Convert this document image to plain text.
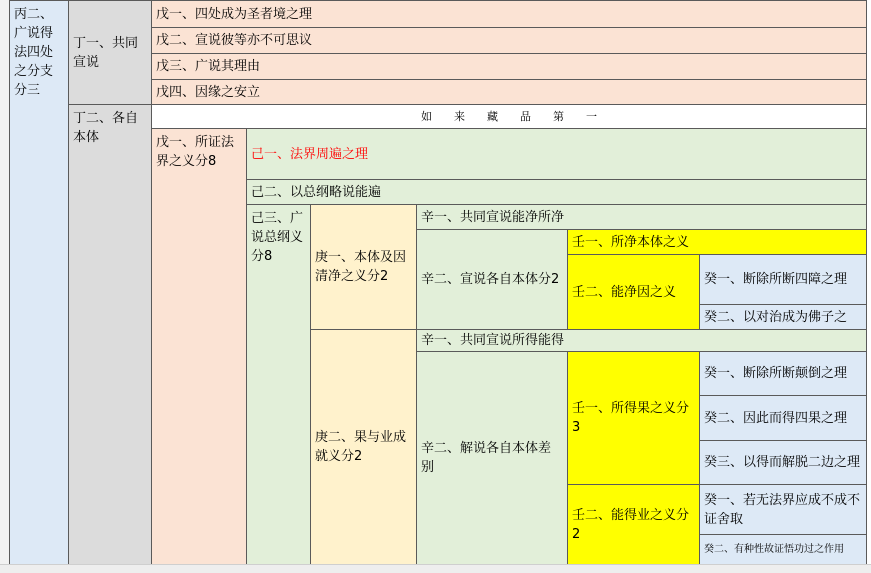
丙二、广说得法四处之分支分三
丁一、共同宣说
丁二、各自本体
戊一、四处成为圣者境之理
戊二、宣说彼等亦不可思议
戊三、广说其理由
戊四、因缘之安立
如　　来　　藏　　品　　第　　一
戊一、所证法界之义分8	己一、法界周遍之理
己二、以总纲略说能遍
己三、广说总纲义分8	庚一、本体及因清净之义分2
庚二、果与业成就义分2
辛一、共同宣说能净所净
辛二、宣说各自本体分2
壬一、所净本体之义
壬二、能净因之义
癸一、断除所断四障之理
癸二、以对治成为佛子之
辛一、共同宣说所得能得
辛二、解说各自本体差别
壬一、所得果之义分3
壬二、能得业之义分2
癸一、断除所断颠倒之理
癸二、因此而得四果之理
癸三、以得而解脱二边之理
癸一、若无法界应成不成不证舍取
癸二、有种性故证悟功过之作用
